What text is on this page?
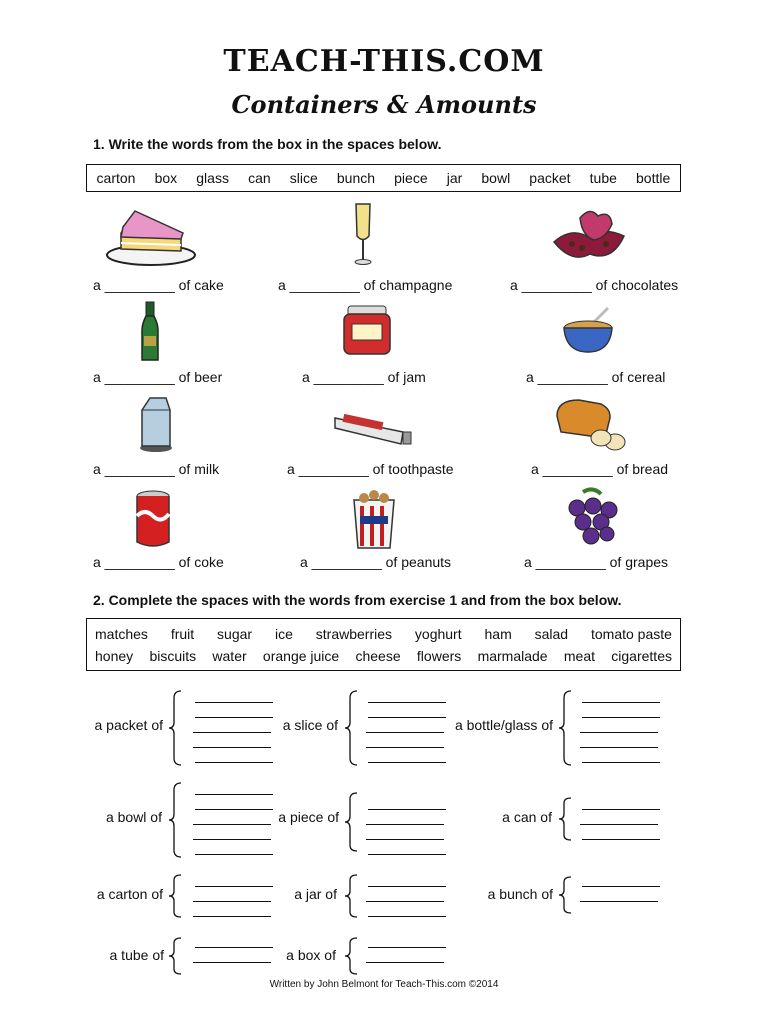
TEACH-THIS.COM
Containers & Amounts
1. Write the words from the box in the spaces below.
carton box glass can slice bunch piece jar bowl packet tube bottle
a _________ of cake	a _________ of champagne	a _________ of chocolates
a _________ of beer	a _________ of jam	a _________ of cereal
a _________ of milk	a _________ of toothpaste	a _________ of bread
a _________ of coke	a _________ of peanuts	a _________ of grapes
2. Complete the spaces with the words from exercise 1 and from the box below.
matches fruit sugar ice strawberries yoghurt ham salad tomato paste
honey biscuits water orange juice cheese flowers marmalade meat cigarettes
a packet of	a slice of	a bottle/glass of
a bowl of	a piece of	a can of
a carton of	a jar of	a bunch of
a tube of	a box of
Written by John Belmont for Teach-This.com ©2014
